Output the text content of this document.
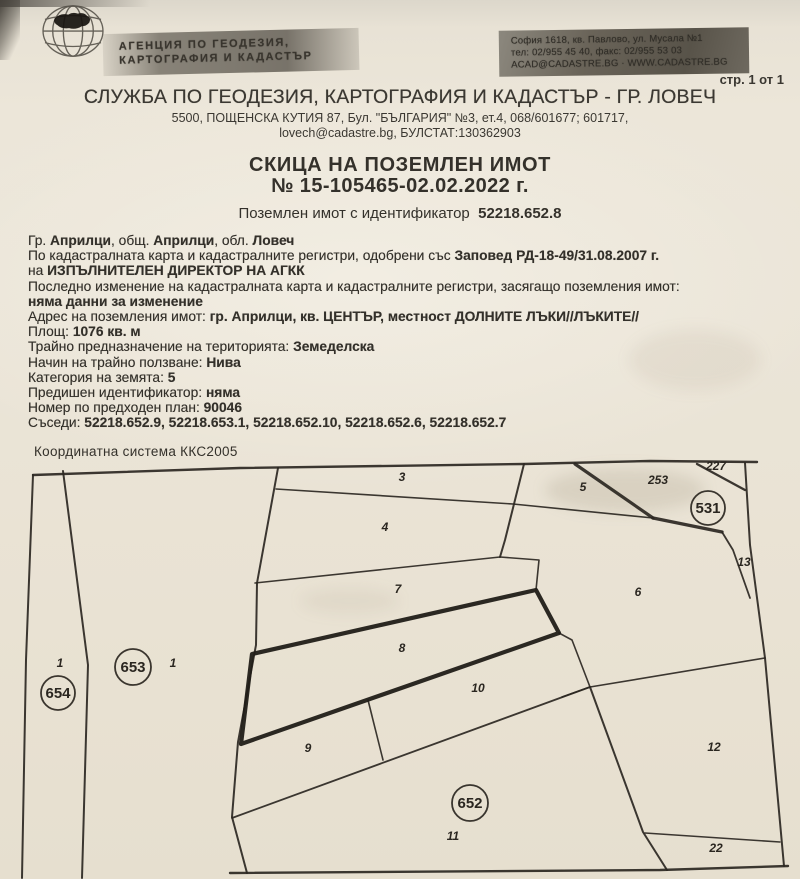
АГЕНЦИЯ ПО ГЕОДЕЗИЯ,
КАРТОГРАФИЯ И КАДАСТЪР
София 1618, кв. Павлово, ул. Мусала №1
тел: 02/955 45 40, факс: 02/955 53 03
ACAD@CADASTRE.BG · WWW.CADASTRE.BG
стр. 1 от 1
СЛУЖБА ПО ГЕОДЕЗИЯ, КАРТОГРАФИЯ И КАДАСТЪР - ГР. ЛОВЕЧ
5500, ПОЩЕНСКА КУТИЯ 87, Бул. "БЪЛГАРИЯ" №3, ет.4, 068/601677; 601717,
lovech@cadastre.bg, БУЛСТАТ:130362903
СКИЦА НА ПОЗЕМЛЕН ИМОТ
№ 15-105465-02.02.2022 г.
Поземлен имот с идентификатор 52218.652.8
Гр. Априлци, общ. Априлци, обл. Ловеч
По кадастралната карта и кадастралните регистри, одобрени със Заповед РД-18-49/31.08.2007 г.
на ИЗПЪЛНИТЕЛЕН ДИРЕКТОР НА АГКК
Последно изменение на кадастралната карта и кадастралните регистри, засягащо поземления имот:
няма данни за изменение
Адрес на поземления имот: гр. Априлци, кв. ЦЕНТЪР, местност ДОЛНИТЕ ЛЪКИ//ЛЪКИТЕ//
Площ: 1076 кв. м
Трайно предназначение на територията: Земеделска
Начин на трайно ползване: Нива
Категория на земята: 5
Предишен идентификатор: няма
Номер по предходен план: 90046
Съседи: 52218.652.9, 52218.653.1, 52218.652.10, 52218.652.6, 52218.652.7
Координатна система ККС2005
1	1
3
4
5	253
227
13
6
7
8
9
10
11
12
22
654
653
531
652
